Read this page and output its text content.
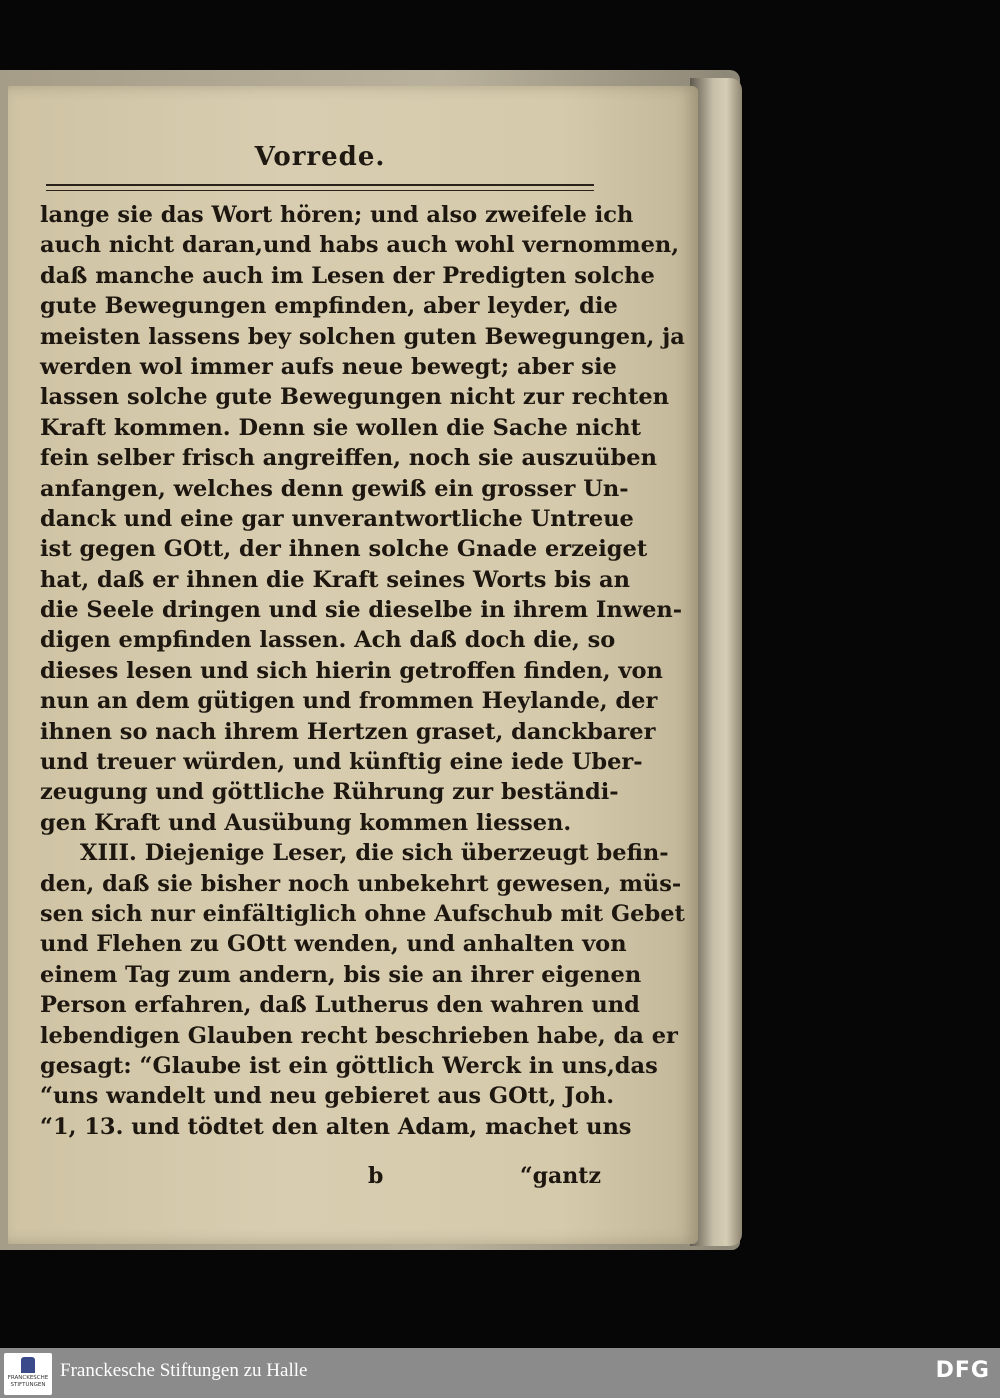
Vorrede.
lange sie das Wort hören; und also zweifele ich
auch nicht daran,und habs auch wohl vernommen,
daß manche auch im Lesen der Predigten solche
gute Bewegungen empfinden, aber leyder, die
meisten lassens bey solchen guten Bewegungen, ja
werden wol immer aufs neue bewegt; aber sie
lassen solche gute Bewegungen nicht zur rechten
Kraft kommen. Denn sie wollen die Sache nicht
fein selber frisch angreiffen, noch sie auszuüben
anfangen, welches denn gewiß ein grosser Un-
danck und eine gar unverantwortliche Untreue
ist gegen GOtt, der ihnen solche Gnade erzeiget
hat, daß er ihnen die Kraft seines Worts bis an
die Seele dringen und sie dieselbe in ihrem Inwen-
digen empfinden lassen. Ach daß doch die, so
dieses lesen und sich hierin getroffen finden, von
nun an dem gütigen und frommen Heylande, der
ihnen so nach ihrem Hertzen graset, danckbarer
und treuer würden, und künftig eine iede Uber-
zeugung und göttliche Rührung zur beständi-
gen Kraft und Ausübung kommen liessen.
XIII. Diejenige Leser, die sich überzeugt befin-
den, daß sie bisher noch unbekehrt gewesen, müs-
sen sich nur einfältiglich ohne Aufschub mit Gebet
und Flehen zu GOtt wenden, und anhalten von
einem Tag zum andern, bis sie an ihrer eigenen
Person erfahren, daß Lutherus den wahren und
lebendigen Glauben recht beschrieben habe, da er
gesagt: “Glaube ist ein göttlich Werck in uns,das
“uns wandelt und neu gebieret aus GOtt, Joh.
“1, 13. und tödtet den alten Adam, machet uns
b	“gantz
FRANCKESCHE STIFTUNGEN
Franckesche Stiftungen zu Halle	DFG
